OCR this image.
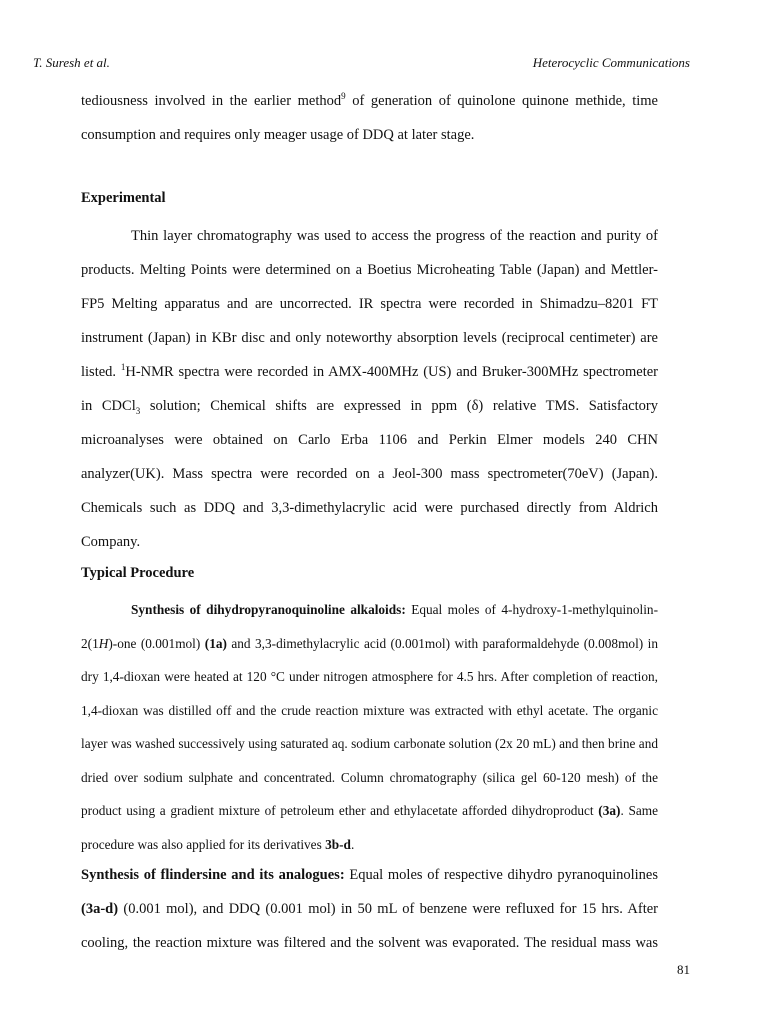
T. Suresh et al.	Heterocyclic Communications

tediousness involved in the earlier method$^9$ of generation of quinolone quinone methide, time consumption and requires only meager usage of DDQ at later stage.

Experimental

Thin layer chromatography was used to access the progress of the reaction and purity of products. Melting Points were determined on a Boetius Microheating Table (Japan) and Mettler-FP5 Melting apparatus and are uncorrected. IR spectra were recorded in Shimadzu–8201 FT instrument (Japan) in KBr disc and only noteworthy absorption levels (reciprocal centimeter) are listed. $^1$H-NMR spectra were recorded in AMX-400MHz (US) and Bruker-300MHz spectrometer in CDCl$_3$ solution; Chemical shifts are expressed in ppm (δ) relative TMS. Satisfactory microanalyses were obtained on Carlo Erba 1106 and Perkin Elmer models 240 CHN analyzer(UK). Mass spectra were recorded on a Jeol-300 mass spectrometer(70eV) (Japan). Chemicals such as DDQ and 3,3-dimethylacrylic acid were purchased directly from Aldrich Company.

Typical Procedure

Synthesis of dihydropyranoquinoline alkaloids: Equal moles of 4-hydroxy-1-methylquinolin-2(1H)-one (0.001mol) (1a) and 3,3-dimethylacrylic acid (0.001mol) with paraformaldehyde (0.008mol) in dry 1,4-dioxan were heated at 120 °C under nitrogen atmosphere for 4.5 hrs. After completion of reaction, 1,4-dioxan was distilled off and the crude reaction mixture was extracted with ethyl acetate. The organic layer was washed successively using saturated aq. sodium carbonate solution (2x 20 mL) and then brine and dried over sodium sulphate and concentrated. Column chromatography (silica gel 60-120 mesh) of the product using a gradient mixture of petroleum ether and ethylacetate afforded dihydroproduct (3a). Same procedure was also applied for its derivatives 3b-d.

Synthesis of flindersine and its analogues: Equal moles of respective dihydro pyranoquinolines (3a-d) (0.001 mol), and DDQ (0.001 mol) in 50 mL of benzene were refluxed for 15 hrs. After cooling, the reaction mixture was filtered and the solvent was evaporated. The residual mass was

81
